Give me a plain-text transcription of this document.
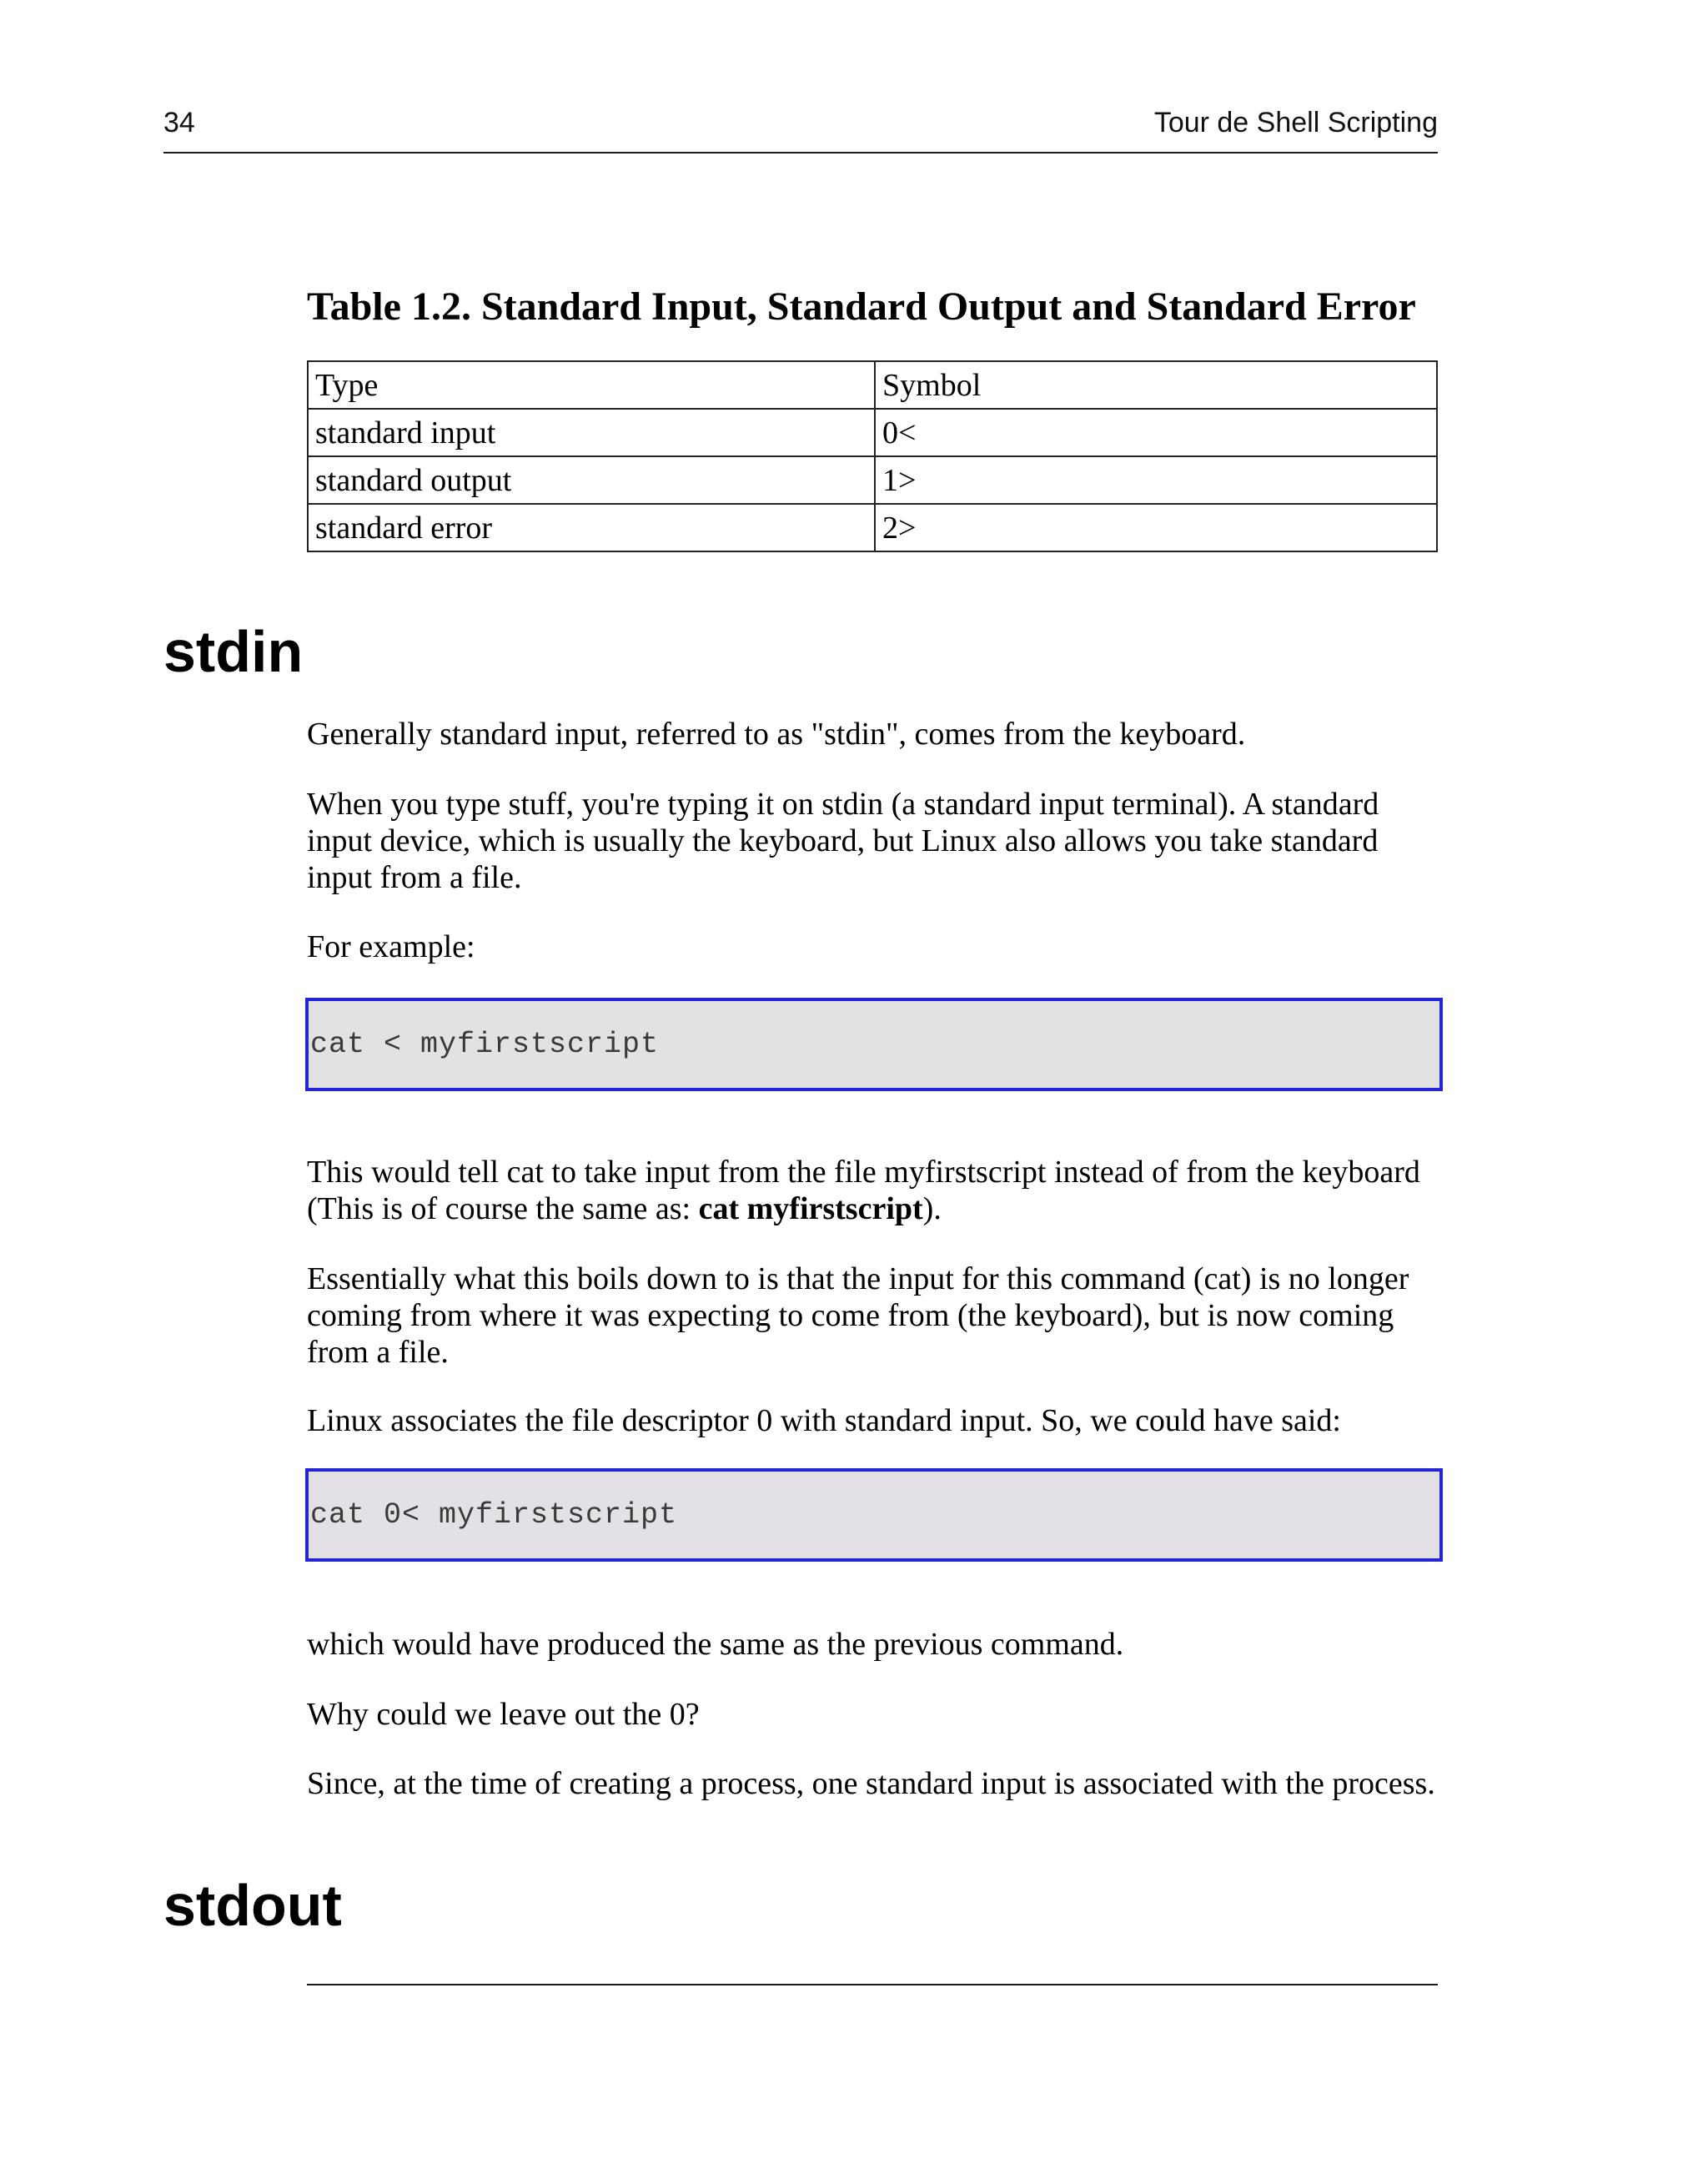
34	Tour de Shell Scripting
Table 1.2. Standard Input, Standard Output and Standard Error
Type	Symbol
standard input	0<
standard output	1>
standard error	2>
stdin

Generally standard input, referred to as "stdin", comes from the keyboard.

When you type stuff, you're typing it on stdin (a standard input terminal). A standard input device, which is usually the keyboard, but Linux also allows you take standard input from a file.

For example:

cat < myfirstscript

This would tell cat to take input from the file myfirstscript instead of from the keyboard (This is of course the same as: cat myfirstscript).

Essentially what this boils down to is that the input for this command (cat) is no longer coming from where it was expecting to come from (the keyboard), but is now coming from a file.

Linux associates the file descriptor 0 with standard input. So, we could have said:

cat 0< myfirstscript

which would have produced the same as the previous command.

Why could we leave out the 0?

Since, at the time of creating a process, one standard input is associated with the process.

stdout
